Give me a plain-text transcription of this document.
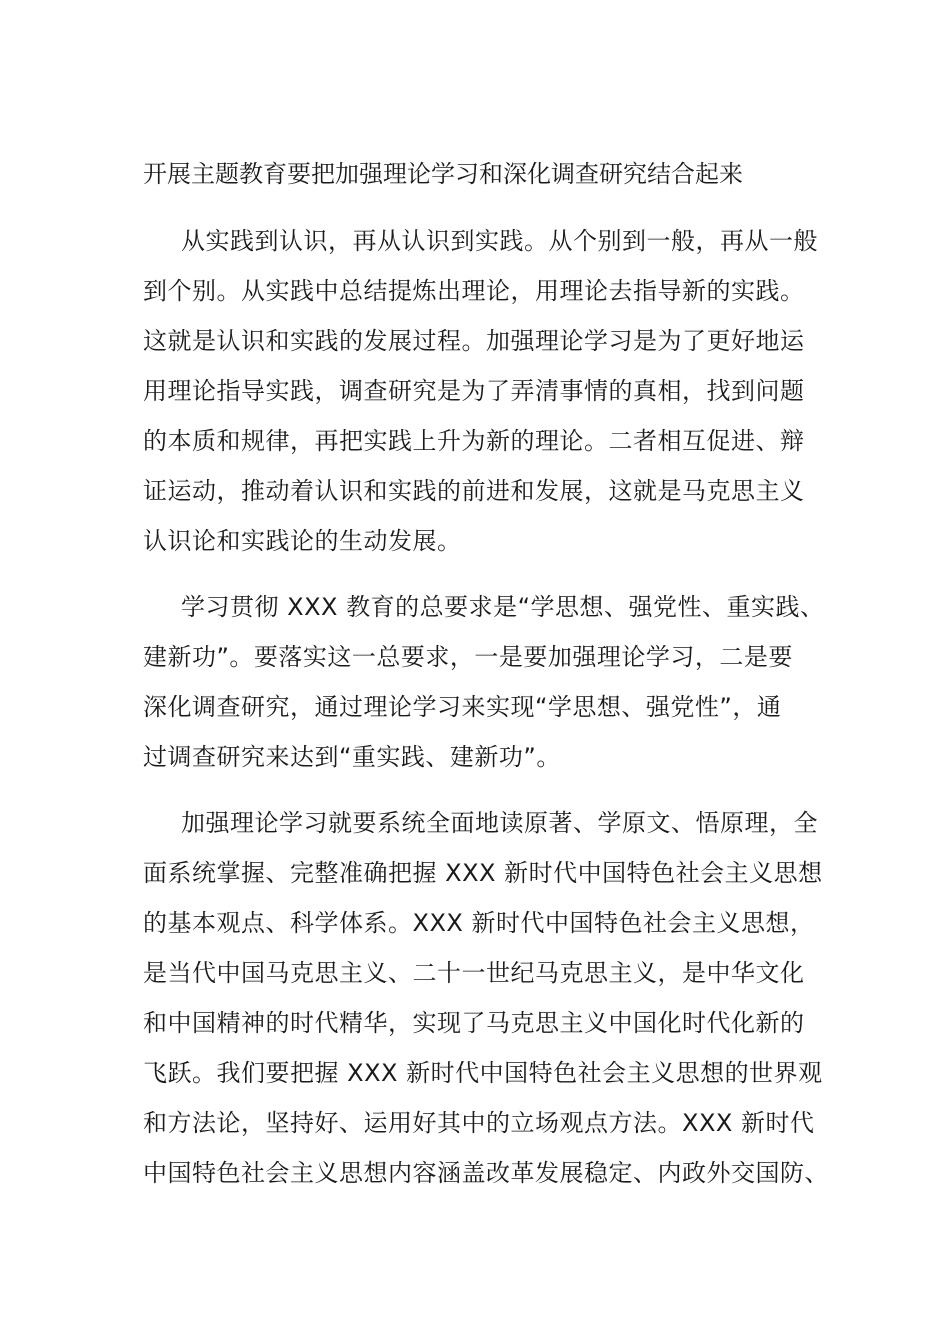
开展主题教育要把加强理论学习和深化调查研究结合起来
从实践到认识，再从认识到实践。从个别到一般，再从一般
到个别。从实践中总结提炼出理论，用理论去指导新的实践。
这就是认识和实践的发展过程。加强理论学习是为了更好地运
用理论指导实践，调查研究是为了弄清事情的真相，找到问题
的本质和规律，再把实践上升为新的理论。二者相互促进、辩
证运动，推动着认识和实践的前进和发展，这就是马克思主义
认识论和实践论的生动发展。
学习贯彻 XXX 教育的总要求是“学思想、强党性、重实践、
建新功”。要落实这一总要求，一是要加强理论学习，二是要
深化调查研究，通过理论学习来实现“学思想、强党性”，通
过调查研究来达到“重实践、建新功”。
加强理论学习就要系统全面地读原著、学原文、悟原理，全
面系统掌握、完整准确把握 XXX 新时代中国特色社会主义思想
的基本观点、科学体系。XXX 新时代中国特色社会主义思想，
是当代中国马克思主义、二十一世纪马克思主义，是中华文化
和中国精神的时代精华，实现了马克思主义中国化时代化新的
飞跃。我们要把握 XXX 新时代中国特色社会主义思想的世界观
和方法论，坚持好、运用好其中的立场观点方法。XXX 新时代
中国特色社会主义思想内容涵盖改革发展稳定、内政外交国防、
